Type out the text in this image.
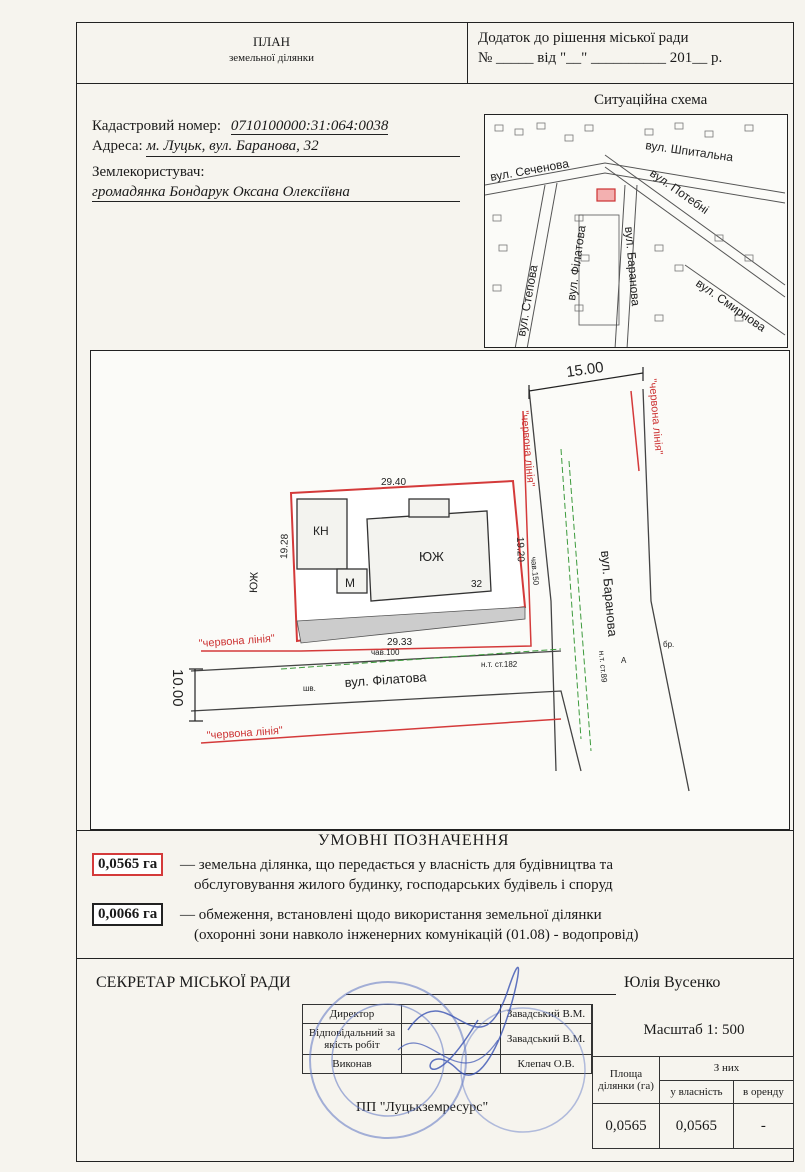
ПЛАН
земельної ділянки
Додаток до рішення міської ради
№ _____ від "__" __________ 201__ р.
Кадастровий номер: 0710100000:31:064:0038
Адреса: м. Луцьк, вул. Баранова, 32
Землекористувач:
громадянка Бондарук Оксана Олексіївна
Ситуаційна схема
вул. Шпитальна
вул. Сеченова	вул. Потебні
вул. Філатова	вул. Баранова
вул. Степова	вул. Смирнова
"червона лінія"	"червона лінія"
"червона лінія"
"червона лінія"
15.00
10.00
КН
М
ЮЖ
32
29.40
29.33
19.20
19.28
ЮЖ	вул. Баранова
вул. Філатова
шв.
н.т. ст.182	н.т. ст.89
чав.100
чав.150
бр.
А
УМОВНІ ПОЗНАЧЕННЯ
0,0565 га	— земельна ділянка, що передається у власність для будівництва та
обслуговування жилого будинку, господарських будівель і споруд
0,0066 га	— обмеження, встановлені щодо використання земельної ділянки
(охоронні зони навколо інженерних комунікацій (01.08) - водопровід)
СЕКРЕТАР МІСЬКОЇ РАДИ	Юлія Вусенко
Директор		Завадський В.М.
Відповідальний за якість робіт		Завадський В.М.
Виконав		Клепач О.В.
Масштаб 1: 500
Площа ділянки (га)	З них	
	у власність	в оренду
0,0565	0,0565	-
ПП "Луцькземресурс"
